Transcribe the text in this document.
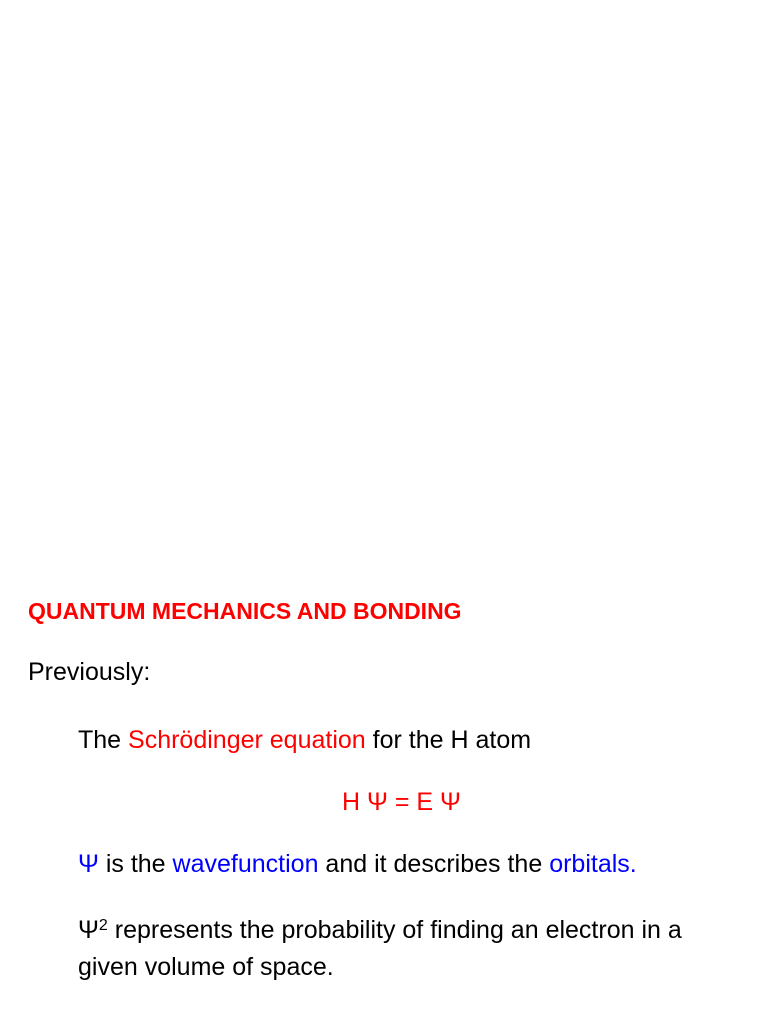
QUANTUM MECHANICS AND BONDING
Previously:
The Schrödinger equation for the H atom
H Ψ = E Ψ
Ψ is the wavefunction and it describes the orbitals.
$\Psi^2$ represents the probability of finding an electron in a given volume of space.
